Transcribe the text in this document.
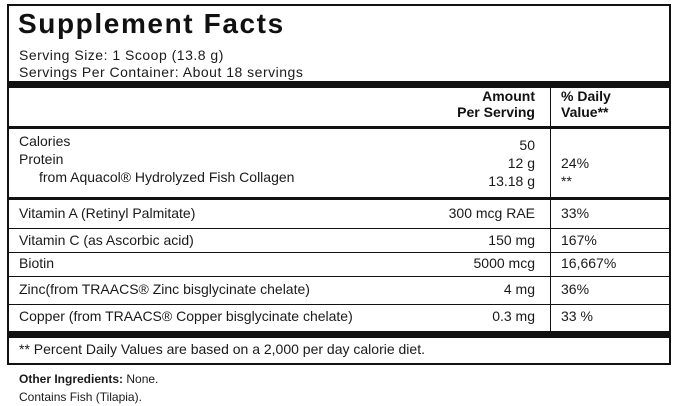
Supplement Facts
Serving Size: 1 Scoop (13.8 g)
Servings Per Container: About 18 servings
Amount
Per Serving
% Daily
Value**
Calories	50
Protein	12 g 24%
from Aquacol® Hydrolyzed Fish Collagen	13.18 g **
Vitamin A (Retinyl Palmitate)	300 mcg RAE 33%
Vitamin C (as Ascorbic acid)	150 mg 167%
Biotin	5000 mcg 16,667%
Zinc(from TRAACS® Zinc bisglycinate chelate)	4 mg 36%
Copper (from TRAACS® Copper bisglycinate chelate)	0.3 mg 33 %
** Percent Daily Values are based on a 2,000 per day calorie diet.
Other Ingredients: None.
Contains Fish (Tilapia).
